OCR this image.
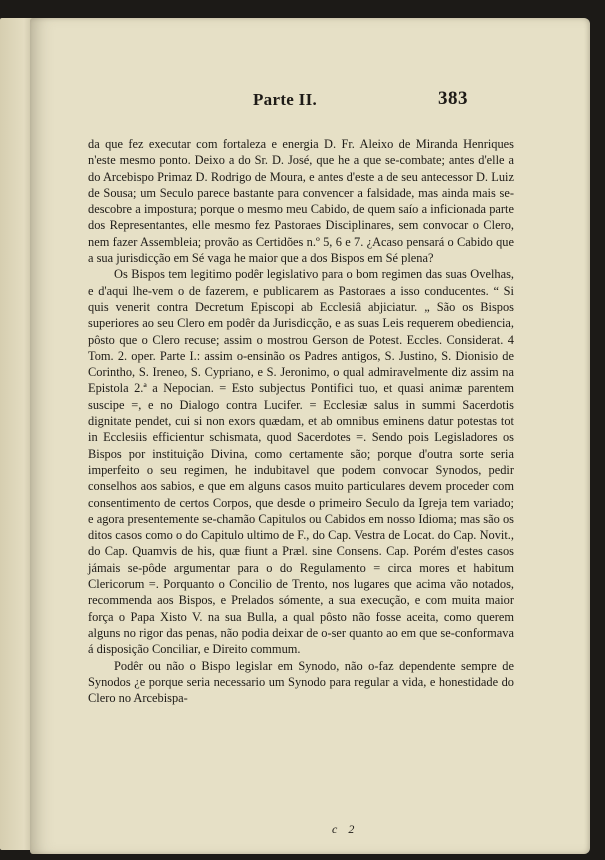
Parte II.	383

da que fez executar com fortaleza e energia D. Fr. Aleixo de Miranda Henriques n'este mesmo ponto. Deixo a do Sr. D. José, que he a que se-combate; antes d'elle a do Arcebispo Primaz D. Rodrigo de Moura, e antes d'este a de seu antecessor D. Luiz de Sousa; um Seculo parece bastante para convencer a falsidade, mas ainda mais se-descobre a impostura; porque o mesmo meu Cabido, de quem saío a inficionada parte dos Representantes, elle mesmo fez Pastoraes Disciplinares, sem convocar o Clero, nem fazer Assembleia; provão as Certidões n.º 5, 6 e 7. ¿Acaso pensará o Cabido que a sua jurisdicção em Sé vaga he maior que a dos Bispos em Sé plena?

Os Bispos tem legitimo podêr legislativo para o bom regimen das suas Ovelhas, e d'aqui lhe-vem o de fazerem, e publicarem as Pastoraes a isso conducentes. “ Si quis venerit contra Decretum Episcopi ab Ecclesiâ abjiciatur. „ São os Bispos superiores ao seu Clero em podêr da Jurisdicção, e as suas Leis requerem obediencia, pôsto que o Clero recuse; assim o mostrou Gerson de Potest. Eccles. Considerat. 4 Tom. 2. oper. Parte I.: assim o-ensinão os Padres antigos, S. Justino, S. Dionisio de Corintho, S. Ireneo, S. Cypriano, e S. Jeronimo, o qual admiravelmente diz assim na Epistola 2.ª a Nepocian. = Esto subjectus Pontifici tuo, et quasi animæ parentem suscipe =, e no Dialogo contra Lucifer. = Ecclesiæ salus in summi Sacerdotis dignitate pendet, cui si non exors quædam, et ab omnibus eminens datur potestas tot in Ecclesiis efficientur schismata, quod Sacerdotes =. Sendo pois Legisladores os Bispos por instituição Divina, como certamente são; porque d'outra sorte seria imperfeito o seu regimen, he indubitavel que podem convocar Synodos, pedir conselhos aos sabios, e que em alguns casos muito particulares devem proceder com consentimento de certos Corpos, que desde o primeiro Seculo da Igreja tem variado; e agora presentemente se-chamão Capitulos ou Cabidos em nosso Idioma; mas são os ditos casos como o do Capitulo ultimo de F., do Cap. Vestra de Locat. do Cap. Novit., do Cap. Quamvis de his, quæ fiunt a Præl. sine Consens. Cap. Porém d'estes casos jámais se-pôde argumentar para o do Regulamento = circa mores et habitum Clericorum =. Porquanto o Concilio de Trento, nos lugares que acima vão notados, recommenda aos Bispos, e Prelados sómente, a sua execução, e com muita maior força o Papa Xisto V. na sua Bulla, a qual pôsto não fosse aceita, como querem alguns no rigor das penas, não podia deixar de o-ser quanto ao em que se-conformava á disposição Conciliar, e Direito commum.

Podêr ou não o Bispo legislar em Synodo, não o-faz dependente sempre de Synodos ¿e porque seria necessario um Synodo para regular a vida, e honestidade do Clero no Arcebispa-

c 2
